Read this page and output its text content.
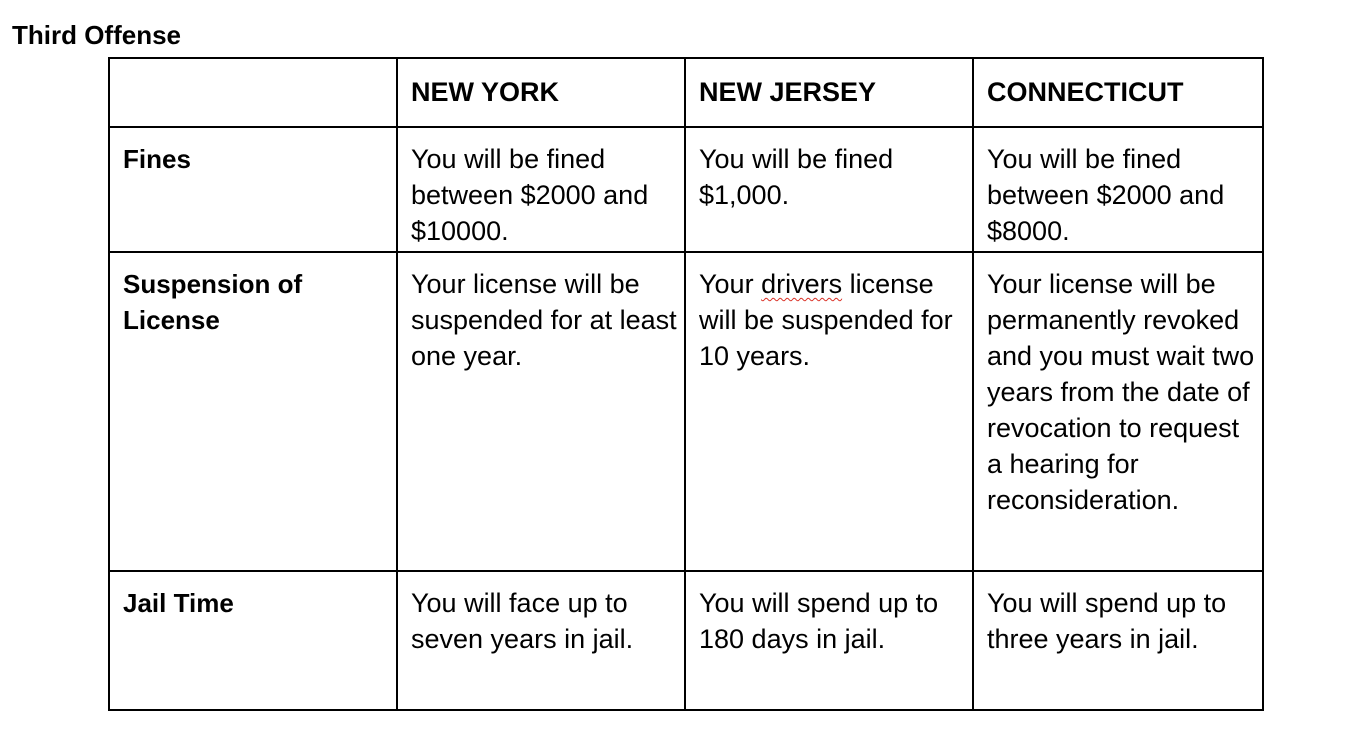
Third Offense
	NEW YORK	NEW JERSEY	CONNECTICUT
Fines	You will be fined between $2000 and $10000.	You will be fined $1,000.	You will be fined between $2000 and $8000.
Suspension of License	Your license will be suspended for at least one year.	Your drivers license will be suspended for 10 years.	Your license will be permanently revoked and you must wait two years from the date of revocation to request a hearing for reconsideration.
Jail Time	You will face up to seven years in jail.	You will spend up to 180 days in jail.	You will spend up to three years in jail.
